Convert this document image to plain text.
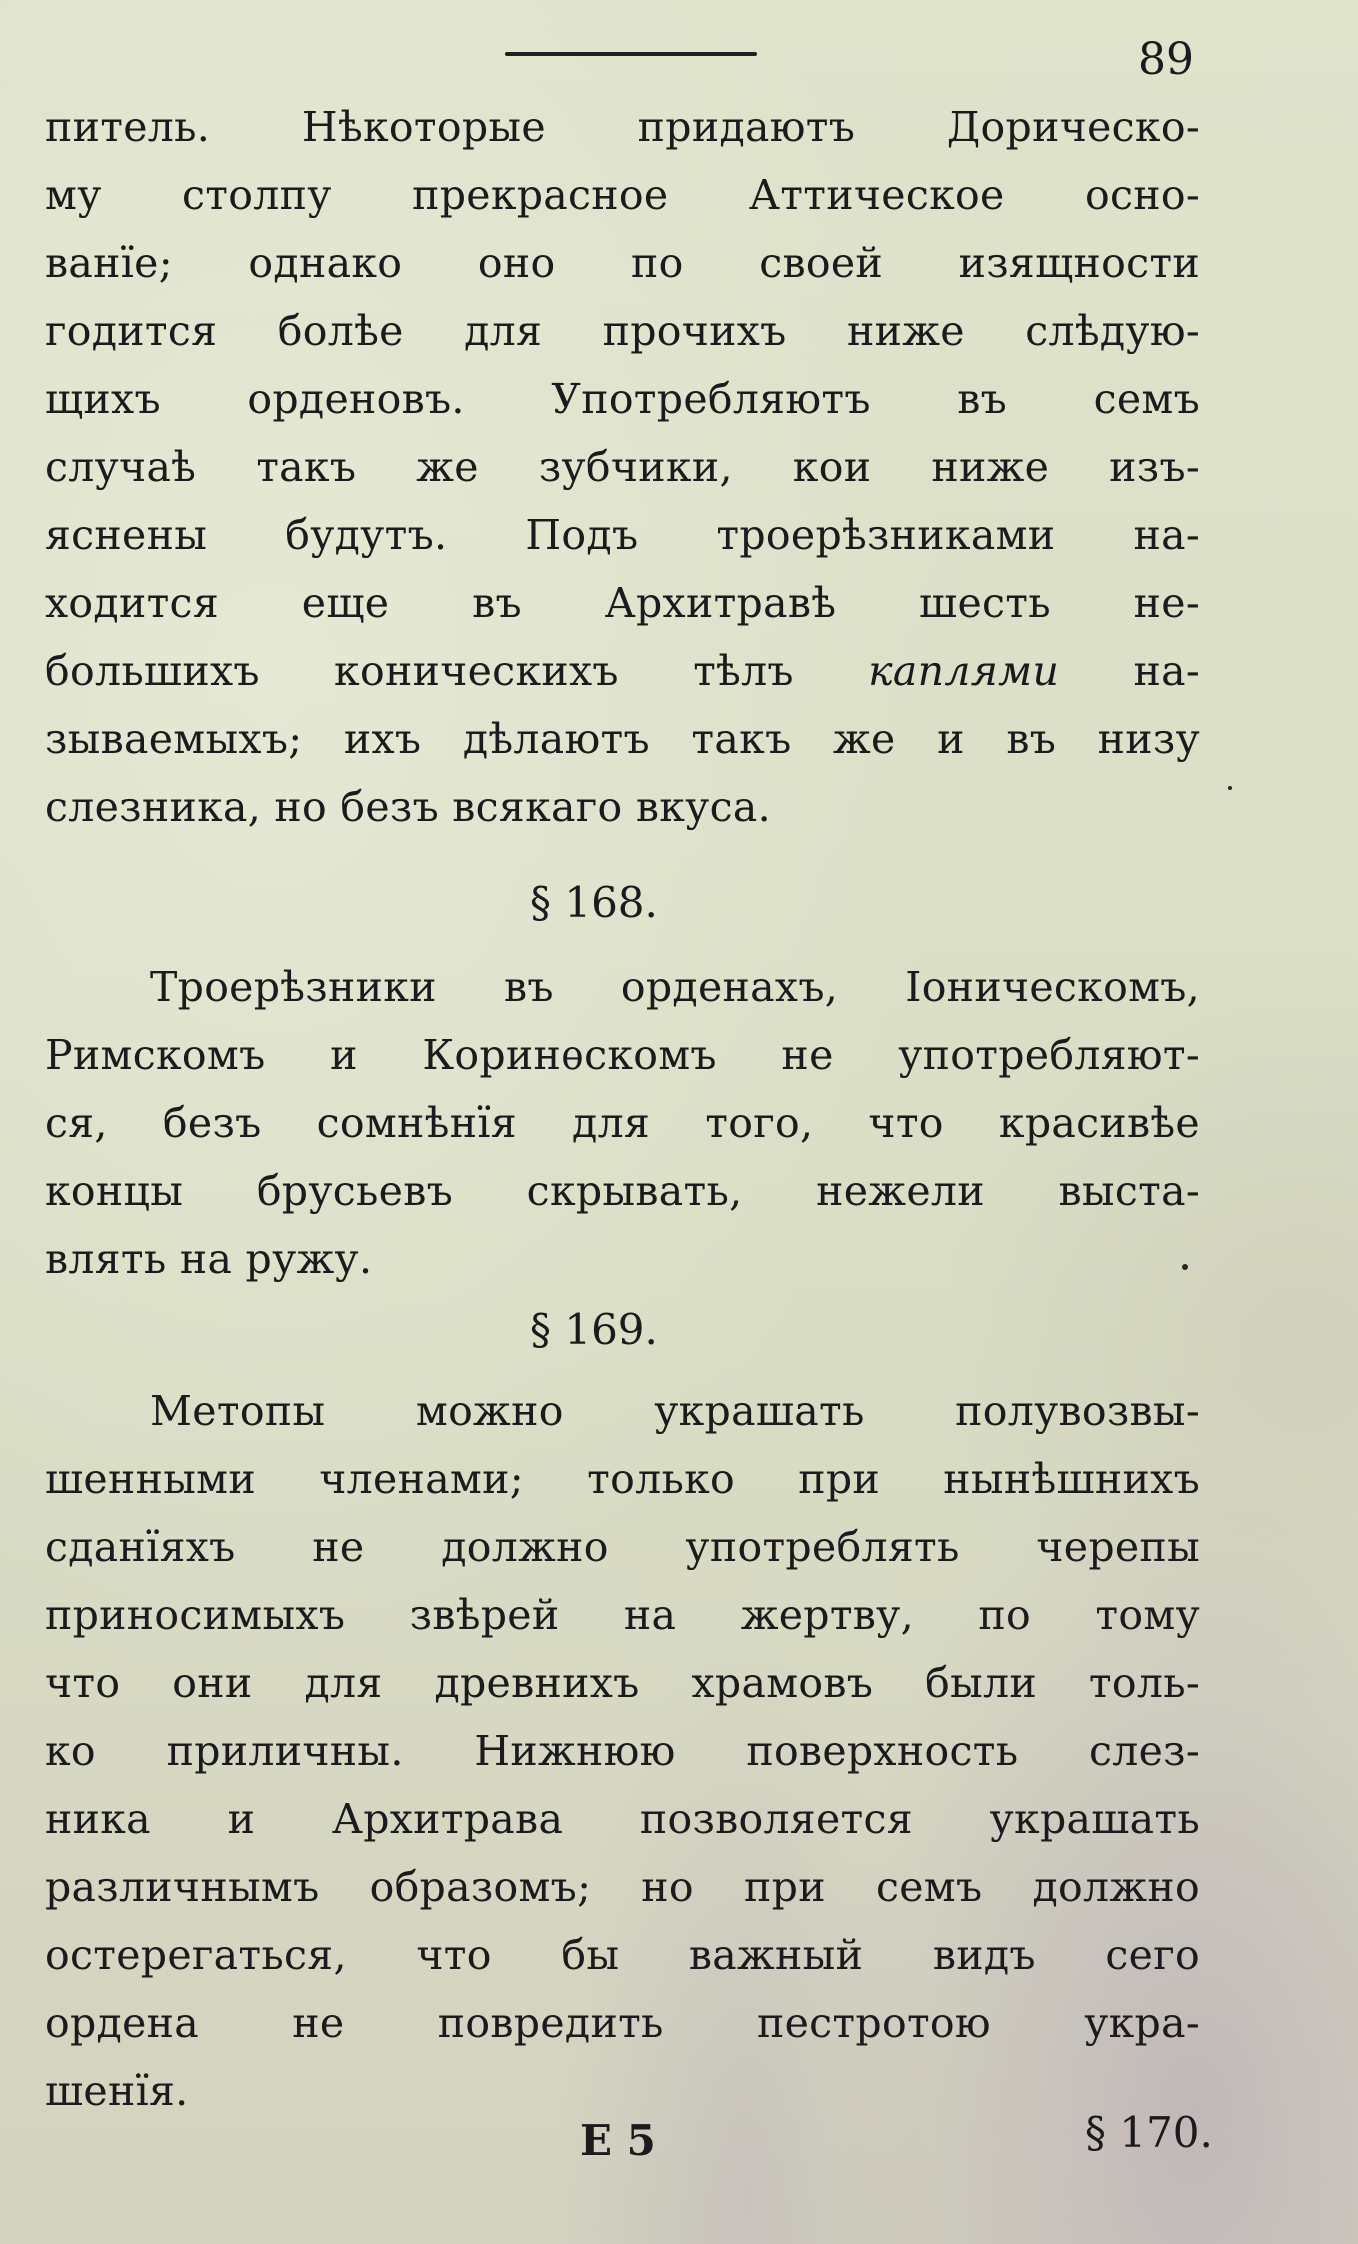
89
питель. Нѣкоторые придаютъ Дорическо-
му столпу прекрасное Аттическое осно-
ванїе; однако оно по своей изящности
годится болѣе для прочихъ ниже слѣдую-
щихъ орденовъ. Употребляютъ въ семъ
случаѣ такъ же зубчики, кои ниже изъ-
яснены будутъ. Подъ троерѣзниками на-
ходится еще въ Архитравѣ шесть не-
большихъ коническихъ тѣлъ каплями на-
зываемыхъ; ихъ дѣлаютъ такъ же и въ низу
слезника, но безъ всякаго вкуса.
§ 168.
Троерѣзники въ орденахъ, Iоническомъ,
Римскомъ и Коринѳскомъ не употребляют-
ся, безъ сомнѣнїя для того, что красивѣе
концы брусьевъ скрывать, нежели выста-
влять на ружу.
§ 169.
Метопы можно украшать полувозвы-
шенными членами; только при нынѣшнихъ
сданїяхъ не должно употреблять черепы
приносимыхъ звѣрей на жертву, по тому
что они для древнихъ храмовъ были толь-
ко приличны. Нижнюю поверхность слез-
ника и Архитрава позволяется украшать
различнымъ образомъ; но при семъ должно
остерегаться, что бы важный видъ сего
ордена не повредить пестротою укра-
шенїя.
E 5	§ 170.
